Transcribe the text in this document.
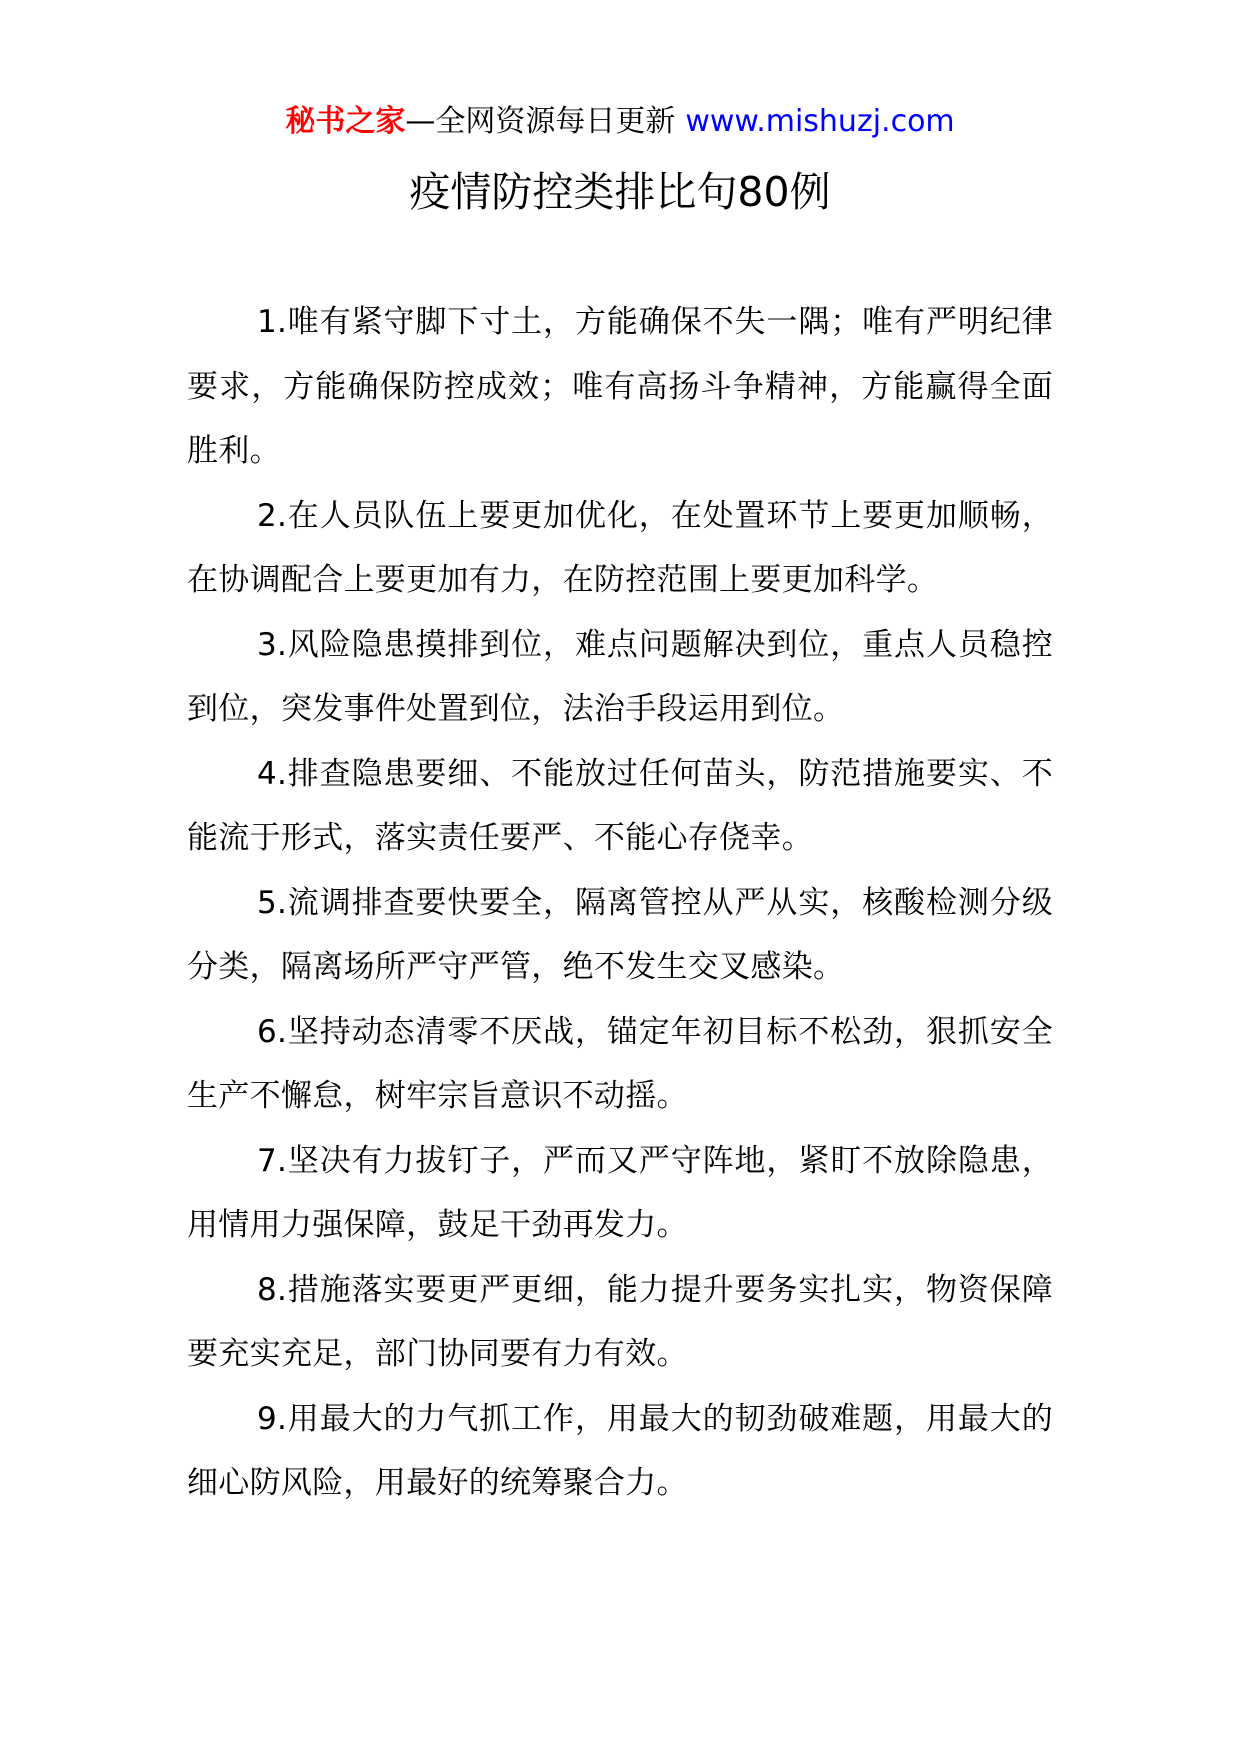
秘书之家—全网资源每日更新 www.mishuzj.com
疫情防控类排比句80例

1.唯有紧守脚下寸土，方能确保不失一隅；唯有严明纪律要求，方能确保防控成效；唯有高扬斗争精神，方能赢得全面胜利。

2.在人员队伍上要更加优化，在处置环节上要更加顺畅，在协调配合上要更加有力，在防控范围上要更加科学。

3.风险隐患摸排到位，难点问题解决到位，重点人员稳控到位，突发事件处置到位，法治手段运用到位。

4.排查隐患要细、不能放过任何苗头，防范措施要实、不能流于形式，落实责任要严、不能心存侥幸。

5.流调排查要快要全，隔离管控从严从实，核酸检测分级分类，隔离场所严守严管，绝不发生交叉感染。

6.坚持动态清零不厌战，锚定年初目标不松劲，狠抓安全生产不懈怠，树牢宗旨意识不动摇。

7.坚决有力拔钉子，严而又严守阵地，紧盯不放除隐患，用情用力强保障，鼓足干劲再发力。

8.措施落实要更严更细，能力提升要务实扎实，物资保障要充实充足，部门协同要有力有效。

9.用最大的力气抓工作，用最大的韧劲破难题，用最大的细心防风险，用最好的统筹聚合力。
